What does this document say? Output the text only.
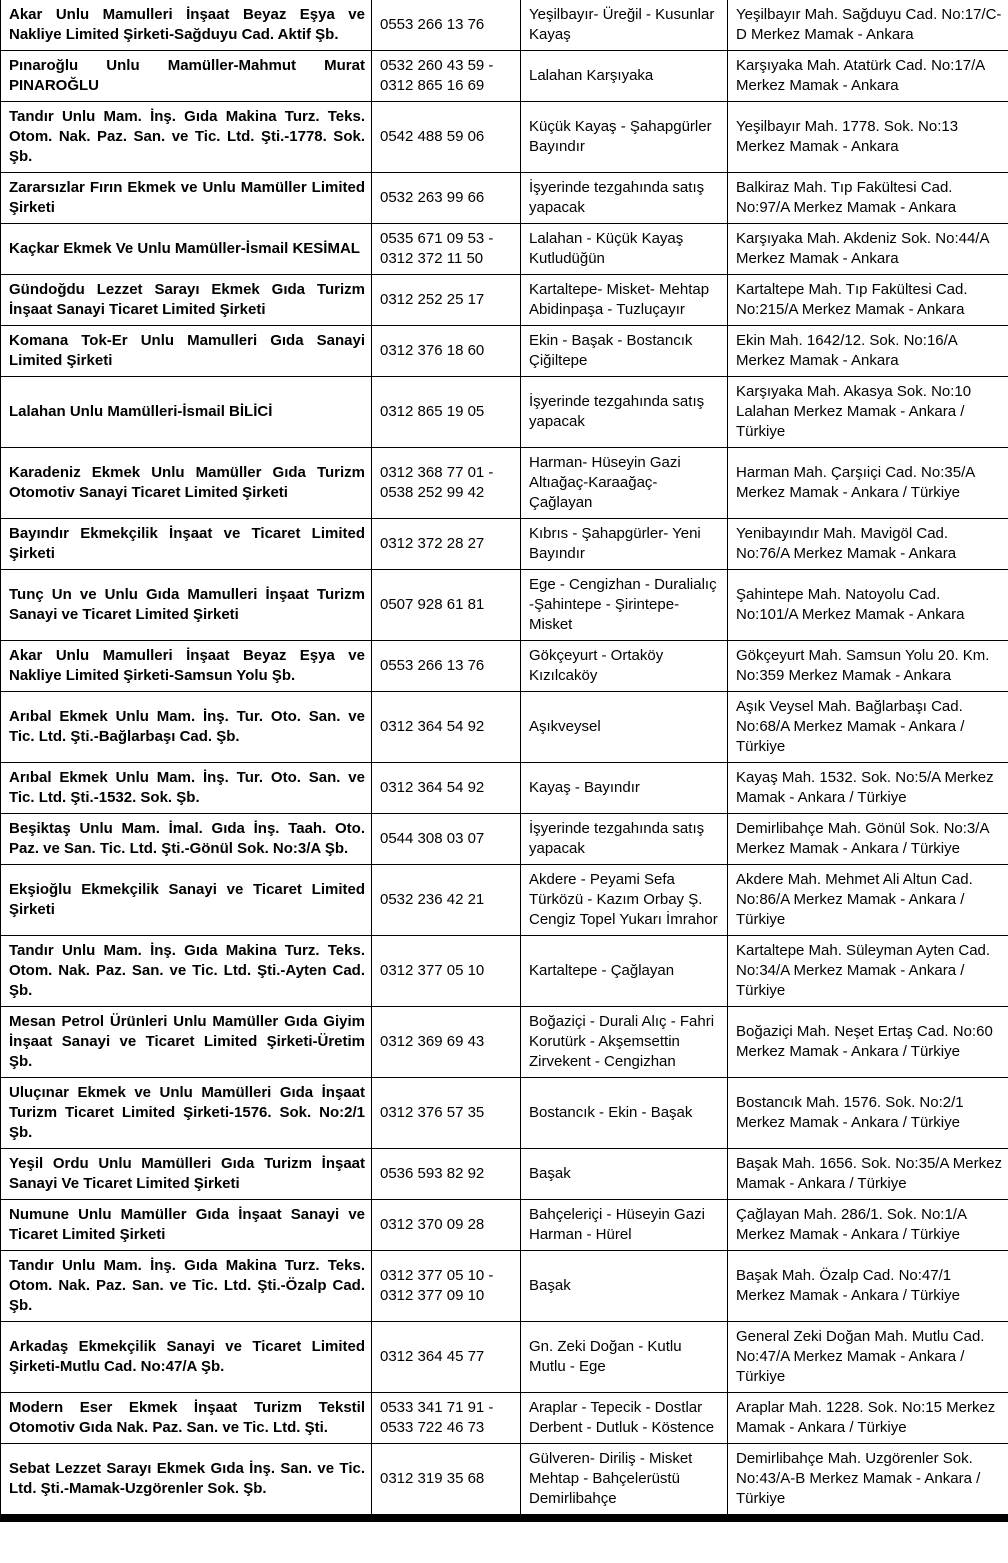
Akar Unlu Mamulleri İnşaat Beyaz Eşya ve Nakliye Limited Şirketi-Sağduyu Cad. Aktif Şb.	0553 266 13 76	Yeşilbayır- Üreğil - Kusunlar Kayaş	Yeşilbayır Mah. Sağduyu Cad. No:17/C-D Merkez Mamak - Ankara
Pınaroğlu Unlu Mamüller-Mahmut Murat PINAROĞLU	0532 260 43 59 - 0312 865 16 69	Lalahan Karşıyaka	Karşıyaka Mah. Atatürk Cad. No:17/A Merkez Mamak - Ankara
Tandır Unlu Mam. İnş. Gıda Makina Turz. Teks. Otom. Nak. Paz. San. ve Tic. Ltd. Şti.-1778. Sok. Şb.	0542 488 59 06	Küçük Kayaş - Şahapgürler Bayındır	Yeşilbayır Mah. 1778. Sok. No:13 Merkez Mamak - Ankara
Zararsızlar Fırın Ekmek ve Unlu Mamüller Limited Şirketi	0532 263 99 66	İşyerinde tezgahında satış yapacak	Balkiraz Mah. Tıp Fakültesi Cad. No:97/A Merkez Mamak - Ankara
Kaçkar Ekmek Ve Unlu Mamüller-İsmail KESİMAL	0535 671 09 53 - 0312 372 11 50	Lalahan - Küçük Kayaş Kutludüğün	Karşıyaka Mah. Akdeniz Sok. No:44/A Merkez Mamak - Ankara
Gündoğdu Lezzet Sarayı Ekmek Gıda Turizm İnşaat Sanayi Ticaret Limited Şirketi	0312 252 25 17	Kartaltepe- Misket- Mehtap Abidinpaşa - Tuzluçayır	Kartaltepe Mah. Tıp Fakültesi Cad. No:215/A Merkez Mamak - Ankara
Komana Tok-Er Unlu Mamulleri Gıda Sanayi Limited Şirketi	0312 376 18 60	Ekin - Başak - Bostancık Çiğiltepe	Ekin Mah. 1642/12. Sok. No:16/A Merkez Mamak - Ankara
Lalahan Unlu Mamülleri-İsmail BİLİCİ	0312 865 19 05	İşyerinde tezgahında satış yapacak	Karşıyaka Mah. Akasya Sok. No:10 Lalahan Merkez Mamak - Ankara / Türkiye
Karadeniz Ekmek Unlu Mamüller Gıda Turizm Otomotiv Sanayi Ticaret Limited Şirketi	0312 368 77 01 - 0538 252 99 42	Harman- Hüseyin Gazi Altıağaç-Karaağaç- Çağlayan	Harman Mah. Çarşıiçi Cad. No:35/A Merkez Mamak - Ankara / Türkiye
Bayındır Ekmekçilik İnşaat ve Ticaret Limited Şirketi	0312 372 28 27	Kıbrıs - Şahapgürler- Yeni Bayındır	Yenibayındır Mah. Mavigöl Cad. No:76/A Merkez Mamak - Ankara
Tunç Un ve Unlu Gıda Mamulleri İnşaat Turizm Sanayi ve Ticaret Limited Şirketi	0507 928 61 81	Ege - Cengizhan - Duralialıç -Şahintepe - Şirintepe- Misket	Şahintepe Mah. Natoyolu Cad. No:101/A Merkez Mamak - Ankara
Akar Unlu Mamulleri İnşaat Beyaz Eşya ve Nakliye Limited Şirketi-Samsun Yolu Şb.	0553 266 13 76	Gökçeyurt - Ortaköy Kızılcaköy	Gökçeyurt Mah. Samsun Yolu 20. Km. No:359 Merkez Mamak - Ankara
Arıbal Ekmek Unlu Mam. İnş. Tur. Oto. San. ve Tic. Ltd. Şti.-Bağlarbaşı Cad. Şb.	0312 364 54 92	Aşıkveysel	Aşık Veysel Mah. Bağlarbaşı Cad. No:68/A Merkez Mamak - Ankara / Türkiye
Arıbal Ekmek Unlu Mam. İnş. Tur. Oto. San. ve Tic. Ltd. Şti.-1532. Sok. Şb.	0312 364 54 92	Kayaş - Bayındır	Kayaş Mah. 1532. Sok. No:5/A Merkez Mamak - Ankara / Türkiye
Beşiktaş Unlu Mam. İmal. Gıda İnş. Taah. Oto. Paz. ve San. Tic. Ltd. Şti.-Gönül Sok. No:3/A Şb.	0544 308 03 07	İşyerinde tezgahında satış yapacak	Demirlibahçe Mah. Gönül Sok. No:3/A Merkez Mamak - Ankara / Türkiye
Ekşioğlu Ekmekçilik Sanayi ve Ticaret Limited Şirketi	0532 236 42 21	Akdere - Peyami Sefa Türközü - Kazım Orbay Ş. Cengiz Topel Yukarı İmrahor	Akdere Mah. Mehmet Ali Altun Cad. No:86/A Merkez Mamak - Ankara / Türkiye
Tandır Unlu Mam. İnş. Gıda Makina Turz. Teks. Otom. Nak. Paz. San. ve Tic. Ltd. Şti.-Ayten Cad. Şb.	0312 377 05 10	Kartaltepe - Çağlayan	Kartaltepe Mah. Süleyman Ayten Cad. No:34/A Merkez Mamak - Ankara / Türkiye
Mesan Petrol Ürünleri Unlu Mamüller Gıda Giyim İnşaat Sanayi ve Ticaret Limited Şirketi-Üretim Şb.	0312 369 69 43	Boğaziçi - Durali Alıç - Fahri Korutürk - Akşemsettin Zirvekent - Cengizhan	Boğaziçi Mah. Neşet Ertaş Cad. No:60 Merkez Mamak - Ankara / Türkiye
Uluçınar Ekmek ve Unlu Mamülleri Gıda İnşaat Turizm Ticaret Limited Şirketi-1576. Sok. No:2/1 Şb.	0312 376 57 35	Bostancık - Ekin - Başak	Bostancık Mah. 1576. Sok. No:2/1 Merkez Mamak - Ankara / Türkiye
Yeşil Ordu Unlu Mamülleri Gıda Turizm İnşaat Sanayi Ve Ticaret Limited Şirketi	0536 593 82 92	Başak	Başak Mah. 1656. Sok. No:35/A Merkez Mamak - Ankara / Türkiye
Numune Unlu Mamüller Gıda İnşaat Sanayi ve Ticaret Limited Şirketi	0312 370 09 28	Bahçeleriçi - Hüseyin Gazi Harman - Hürel	Çağlayan Mah. 286/1. Sok. No:1/A Merkez Mamak - Ankara / Türkiye
Tandır Unlu Mam. İnş. Gıda Makina Turz. Teks. Otom. Nak. Paz. San. ve Tic. Ltd. Şti.-Özalp Cad. Şb.	0312 377 05 10 - 0312 377 09 10	Başak	Başak Mah. Özalp Cad. No:47/1 Merkez Mamak - Ankara / Türkiye
Arkadaş Ekmekçilik Sanayi ve Ticaret Limited Şirketi-Mutlu Cad. No:47/A Şb.	0312 364 45 77	Gn. Zeki Doğan - Kutlu Mutlu - Ege	General Zeki Doğan Mah. Mutlu Cad. No:47/A Merkez Mamak - Ankara / Türkiye
Modern Eser Ekmek İnşaat Turizm Tekstil Otomotiv Gıda Nak. Paz. San. ve Tic. Ltd. Şti.	0533 341 71 91 - 0533 722 46 73	Araplar - Tepecik - Dostlar Derbent - Dutluk - Köstence	Araplar Mah. 1228. Sok. No:15 Merkez Mamak - Ankara / Türkiye
Sebat Lezzet Sarayı Ekmek Gıda İnş. San. ve Tic. Ltd. Şti.-Mamak-Uzgörenler Sok. Şb.	0312 319 35 68	Gülveren- Diriliş - Misket Mehtap - Bahçelerüstü Demirlibahçe	Demirlibahçe Mah. Uzgörenler Sok. No:43/A-B Merkez Mamak - Ankara / Türkiye
